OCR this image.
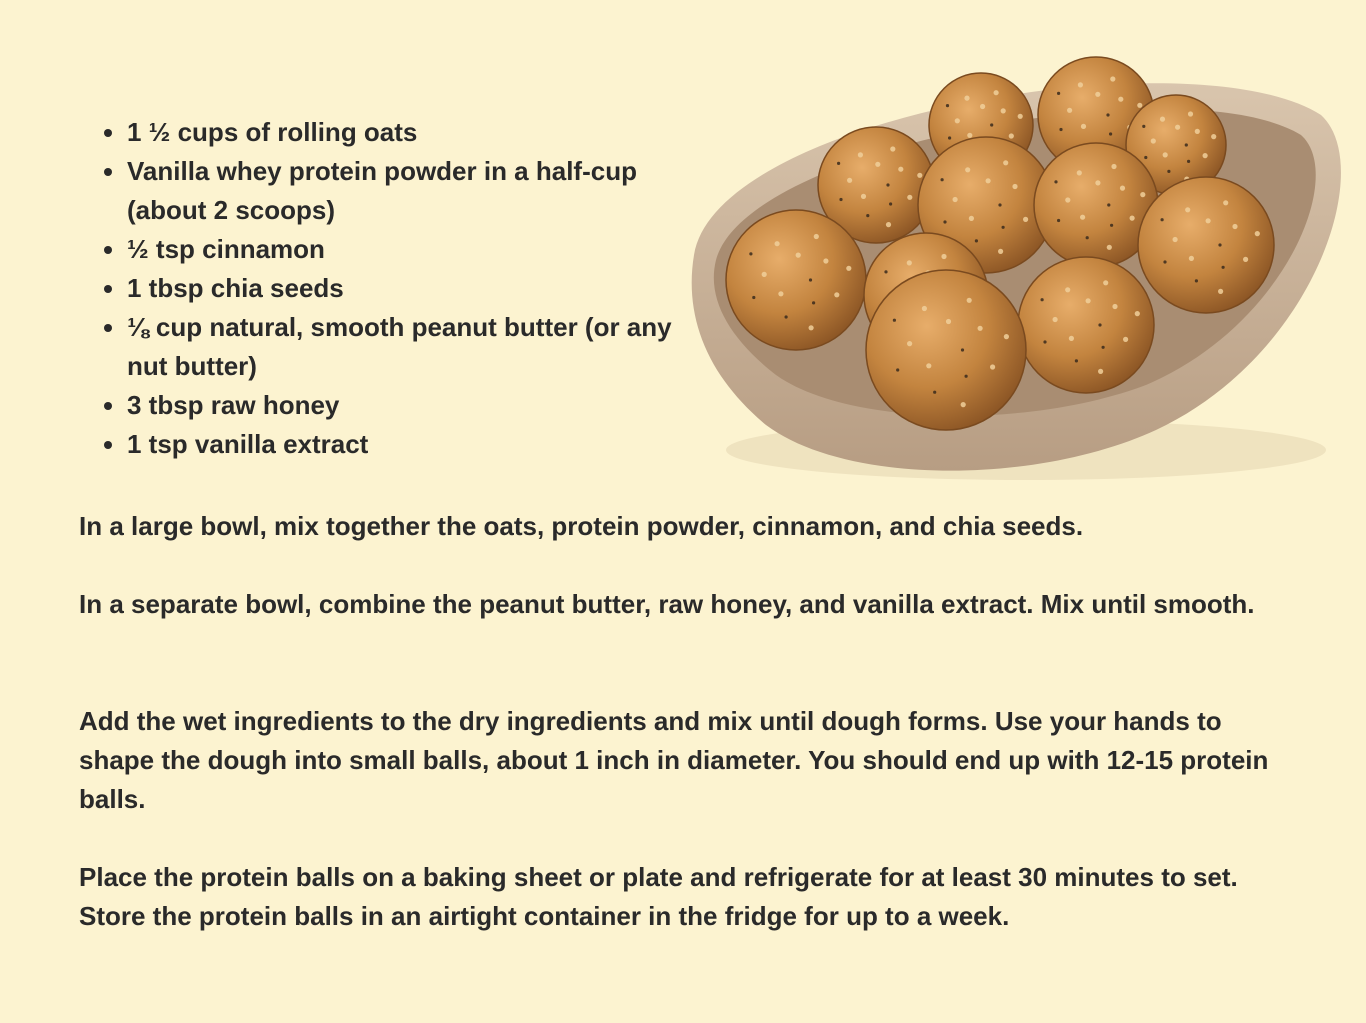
• 1 ½ cups of rolling oats
• Vanilla whey protein powder in a half-cup (about 2 scoops)
• ½ tsp cinnamon
• 1 tbsp chia seeds
• ⅛ cup natural, smooth peanut butter (or any nut butter)
• 3 tbsp raw honey
• 1 tsp vanilla extract

In a large bowl, mix together the oats, protein powder, cinnamon, and chia seeds.

In a separate bowl, combine the peanut butter, raw honey, and vanilla extract. Mix until smooth.

Add the wet ingredients to the dry ingredients and mix until dough forms. Use your hands to shape the dough into small balls, about 1 inch in diameter. You should end up with 12-15 protein balls.

Place the protein balls on a baking sheet or plate and refrigerate for at least 30 minutes to set. Store the protein balls in an airtight container in the fridge for up to a week.
